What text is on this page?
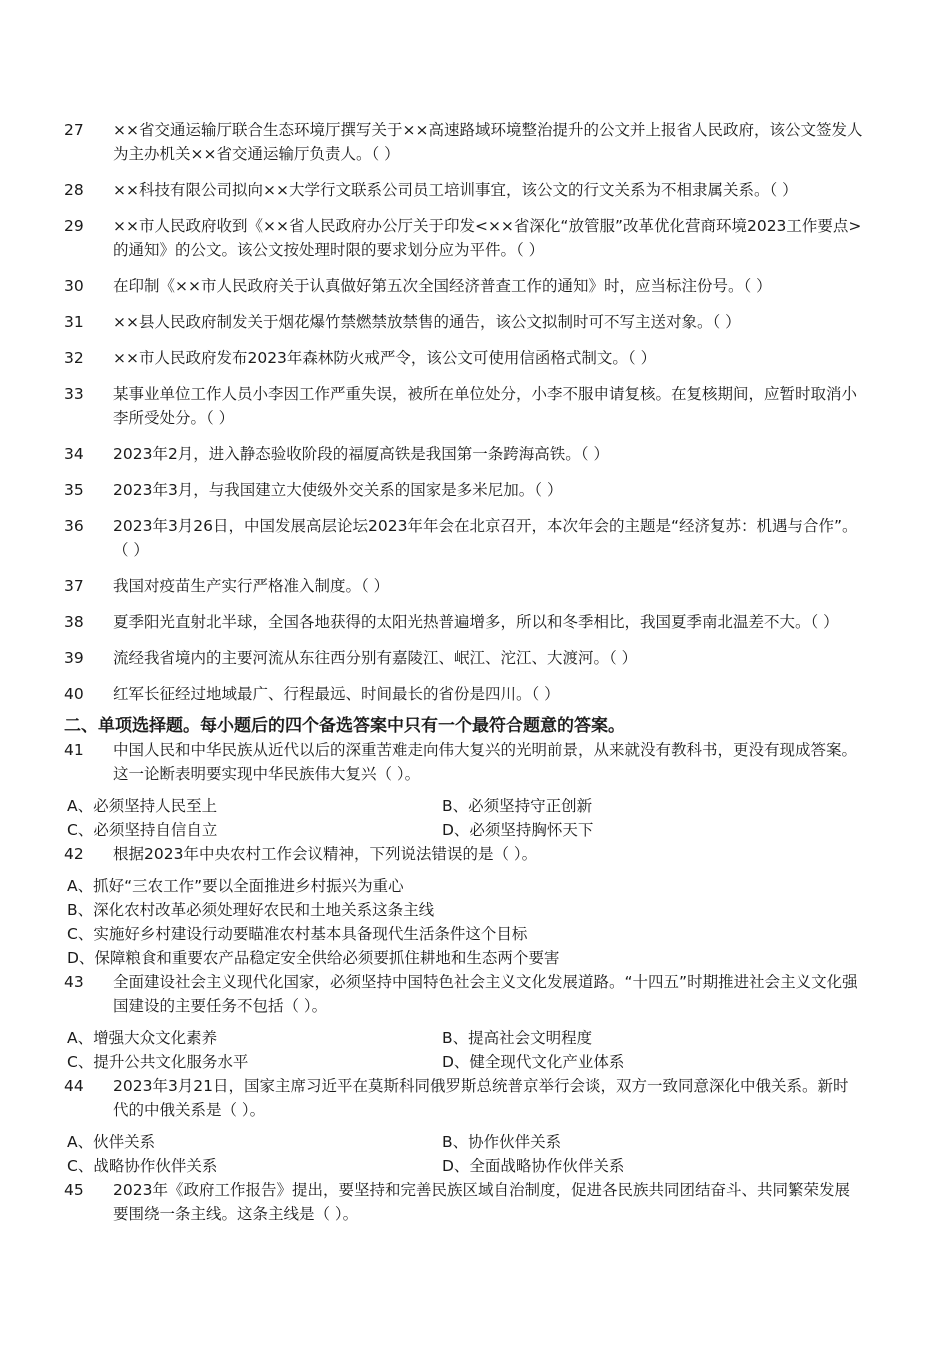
27	××省交通运输厅联合生态环境厅撰写关于××高速路域环境整治提升的公文并上报省人民政府，该公文签发人为主办机关××省交通运输厅负责人。（ ）
28	××科技有限公司拟向××大学行文联系公司员工培训事宜，该公文的行文关系为不相隶属关系。（ ）
29	××市人民政府收到《××省人民政府办公厅关于印发<××省深化“放管服”改革优化营商环境2023工作要点>的通知》的公文。该公文按处理时限的要求划分应为平件。（ ）
30	在印制《××市人民政府关于认真做好第五次全国经济普查工作的通知》时，应当标注份号。（ ）
31	××县人民政府制发关于烟花爆竹禁燃禁放禁售的通告，该公文拟制时可不写主送对象。（ ）
32	××市人民政府发布2023年森林防火戒严令，该公文可使用信函格式制文。（ ）
33	某事业单位工作人员小李因工作严重失误，被所在单位处分，小李不服申请复核。在复核期间，应暂时取消小李所受处分。（ ）
34	2023年2月，进入静态验收阶段的福厦高铁是我国第一条跨海高铁。（ ）
35	2023年3月，与我国建立大使级外交关系的国家是多米尼加。（ ）
36	2023年3月26日，中国发展高层论坛2023年年会在北京召开，本次年会的主题是“经济复苏：机遇与合作”。（ ）
37	我国对疫苗生产实行严格准入制度。（ ）
38	夏季阳光直射北半球，全国各地获得的太阳光热普遍增多，所以和冬季相比，我国夏季南北温差不大。（ ）
39	流经我省境内的主要河流从东往西分别有嘉陵江、岷江、沱江、大渡河。（ ）
40	红军长征经过地域最广、行程最远、时间最长的省份是四川。（ ）
二、单项选择题。每小题后的四个备选答案中只有一个最符合题意的答案。
41	中国人民和中华民族从近代以后的深重苦难走向伟大复兴的光明前景，从来就没有教科书，更没有现成答案。这一论断表明要实现中华民族伟大复兴（ ）。
A、必须坚持人民至上	B、必须坚持守正创新
C、必须坚持自信自立	D、必须坚持胸怀天下
42	根据2023年中央农村工作会议精神，下列说法错误的是（ ）。
A、抓好“三农工作”要以全面推进乡村振兴为重心
B、深化农村改革必须处理好农民和土地关系这条主线
C、实施好乡村建设行动要瞄准农村基本具备现代生活条件这个目标
D、保障粮食和重要农产品稳定安全供给必须要抓住耕地和生态两个要害
43	全面建设社会主义现代化国家，必须坚持中国特色社会主义文化发展道路。“十四五”时期推进社会主义文化强国建设的主要任务不包括（ ）。
A、增强大众文化素养	B、提高社会文明程度
C、提升公共文化服务水平	D、健全现代文化产业体系
44	2023年3月21日，国家主席习近平在莫斯科同俄罗斯总统普京举行会谈，双方一致同意深化中俄关系。新时代的中俄关系是（ ）。
A、伙伴关系	B、协作伙伴关系
C、战略协作伙伴关系	D、全面战略协作伙伴关系
45	2023年《政府工作报告》提出，要坚持和完善民族区域自治制度，促进各民族共同团结奋斗、共同繁荣发展要围绕一条主线。这条主线是（ ）。
